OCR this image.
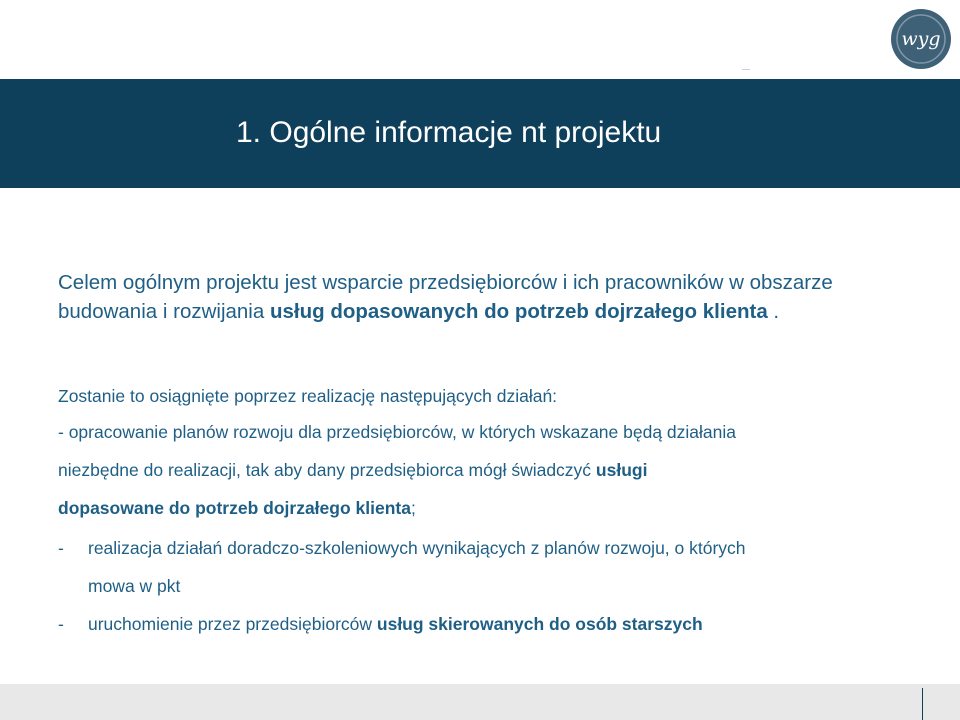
wyg
1. Ogólne informacje nt projektu

Celem ogólnym projektu jest wsparcie przedsiębiorców i ich pracowników w obszarze budowania i rozwijania usług dopasowanych do potrzeb dojrzałego klienta .

Zostanie to osiągnięte poprzez realizację następujących działań:
- opracowanie planów rozwoju dla przedsiębiorców, w których wskazane będą działania
niezbędne do realizacji, tak aby dany przedsiębiorca mógł świadczyć usługi
dopasowane do potrzeb dojrzałego klienta;
- realizacja działań doradczo-szkoleniowych wynikających z planów rozwoju, o których
mowa w pkt
- uruchomienie przez przedsiębiorców usług skierowanych do osób starszych
